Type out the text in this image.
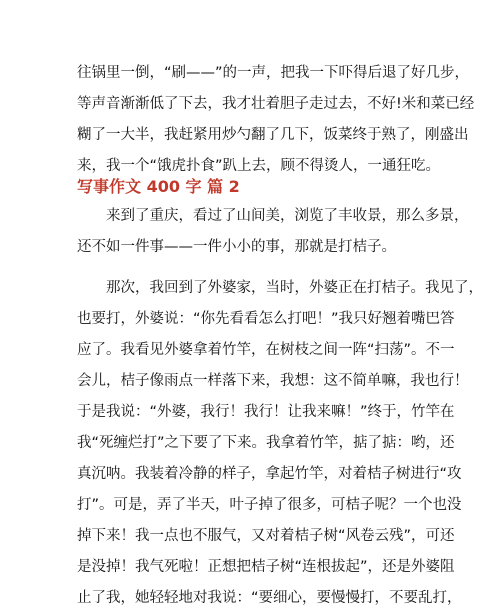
往锅里一倒，“刷——”的一声，把我一下吓得后退了好几步，
等声音渐渐低了下去，我才壮着胆子走过去，不好!米和菜已经
糊了一大半，我赶紧用炒勺翻了几下，饭菜终于熟了，刚盛出
来，我一个“饿虎扑食”趴上去，顾不得烫人，一通狂吃。
写事作文 400 字 篇 2
　　来到了重庆，看过了山间美，浏览了丰收景，那么多景，
还不如一件事——一件小小的事，那就是打桔子。
　　那次，我回到了外婆家，当时，外婆正在打桔子。我见了，
也要打，外婆说：“你先看看怎么打吧！”我只好翘着嘴巴答
应了。我看见外婆拿着竹竿，在树枝之间一阵“扫荡”。不一
会儿，桔子像雨点一样落下来，我想：这不简单嘛，我也行！
于是我说：“外婆，我行！我行！让我来嘛！”终于，竹竿在
我“死缠烂打”之下要了下来。我拿着竹竿，掂了掂：哟，还
真沉呐。我装着冷静的样子，拿起竹竿，对着桔子树进行“攻
打”。可是，弄了半天，叶子掉了很多，可桔子呢？一个也没
掉下来！我一点也不服气，又对着桔子树“风卷云残”，可还
是没掉！我气死啦！正想把桔子树“连根拔起”，还是外婆阻
止了我，她轻轻地对我说：“要细心，要慢慢打，不要乱打，
